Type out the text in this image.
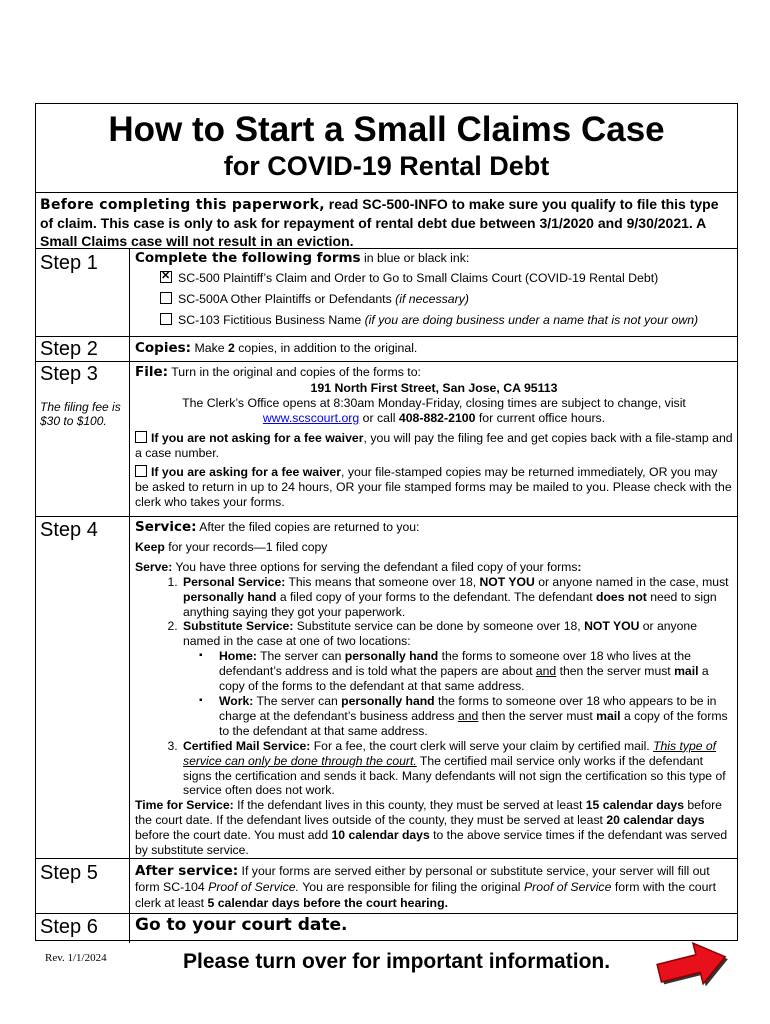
How to Start a Small Claims Case
for COVID-19 Rental Debt
Before completing this paperwork, read SC-500-INFO to make sure you qualify to file this type of claim. This case is only to ask for repayment of rental debt due between 3/1/2020 and 9/30/2021. A Small Claims case will not result in an eviction.
Step 1	Complete the following forms in blue or black ink:
✕
SC-500 Plaintiff’s Claim and Order to Go to Small Claims Court (COVID-19 Rental Debt)
SC-500A Other Plaintiffs or Defendants (if necessary)
SC-103 Fictitious Business Name (if you are doing business under a name that is not your own)
Step 2	Copies: Make 2 copies, in addition to the original.
Step 3
The filing fee is $30 to $100.
File: Turn in the original and copies of the forms to:
191 North First Street, San Jose, CA 95113
The Clerk’s Office opens at 8:30am Monday-Friday, closing times are subject to change, visit www.scscourt.org or call 408-882-2100 for current office hours.
If you are not asking for a fee waiver, you will pay the filing fee and get copies back with a file-stamp and a case number.
If you are asking for a fee waiver, your file-stamped copies may be returned immediately, OR you may be asked to return in up to 24 hours, OR your file stamped forms may be mailed to you. Please check with the clerk who takes your forms.
Step 4	Service: After the filed copies are returned to you:
Keep for your records—1 filed copy
Serve: You have three options for serving the defendant a filed copy of your forms:
1. Personal Service: This means that someone over 18, NOT YOU or anyone named in the case, must personally hand a filed copy of your forms to the defendant. The defendant does not need to sign anything saying they got your paperwork.
2. Substitute Service: Substitute service can be done by someone over 18, NOT YOU or anyone named in the case at one of two locations:
▪ Home: The server can personally hand the forms to someone over 18 who lives at the defendant’s address and is told what the papers are about and then the server must mail a copy of the forms to the defendant at that same address.
▪ Work: The server can personally hand the forms to someone over 18 who appears to be in charge at the defendant’s business address and then the server must mail a copy of the forms to the defendant at that same address.
3. Certified Mail Service: For a fee, the court clerk will serve your claim by certified mail. This type of service can only be done through the court. The certified mail service only works if the defendant signs the certification and sends it back. Many defendants will not sign the certification so this type of service often does not work.
Time for Service: If the defendant lives in this county, they must be served at least 15 calendar days before the court date. If the defendant lives outside of the county, they must be served at least 20 calendar days before the court date. You must add 10 calendar days to the above service times if the defendant was served by substitute service.
Step 5	After service: If your forms are served either by personal or substitute service, your server will fill out form SC-104 Proof of Service. You are responsible for filing the original Proof of Service form with the court clerk at least 5 calendar days before the court hearing.
Step 6	Go to your court date.
Rev. 1/1/2024	Please turn over for important information.
